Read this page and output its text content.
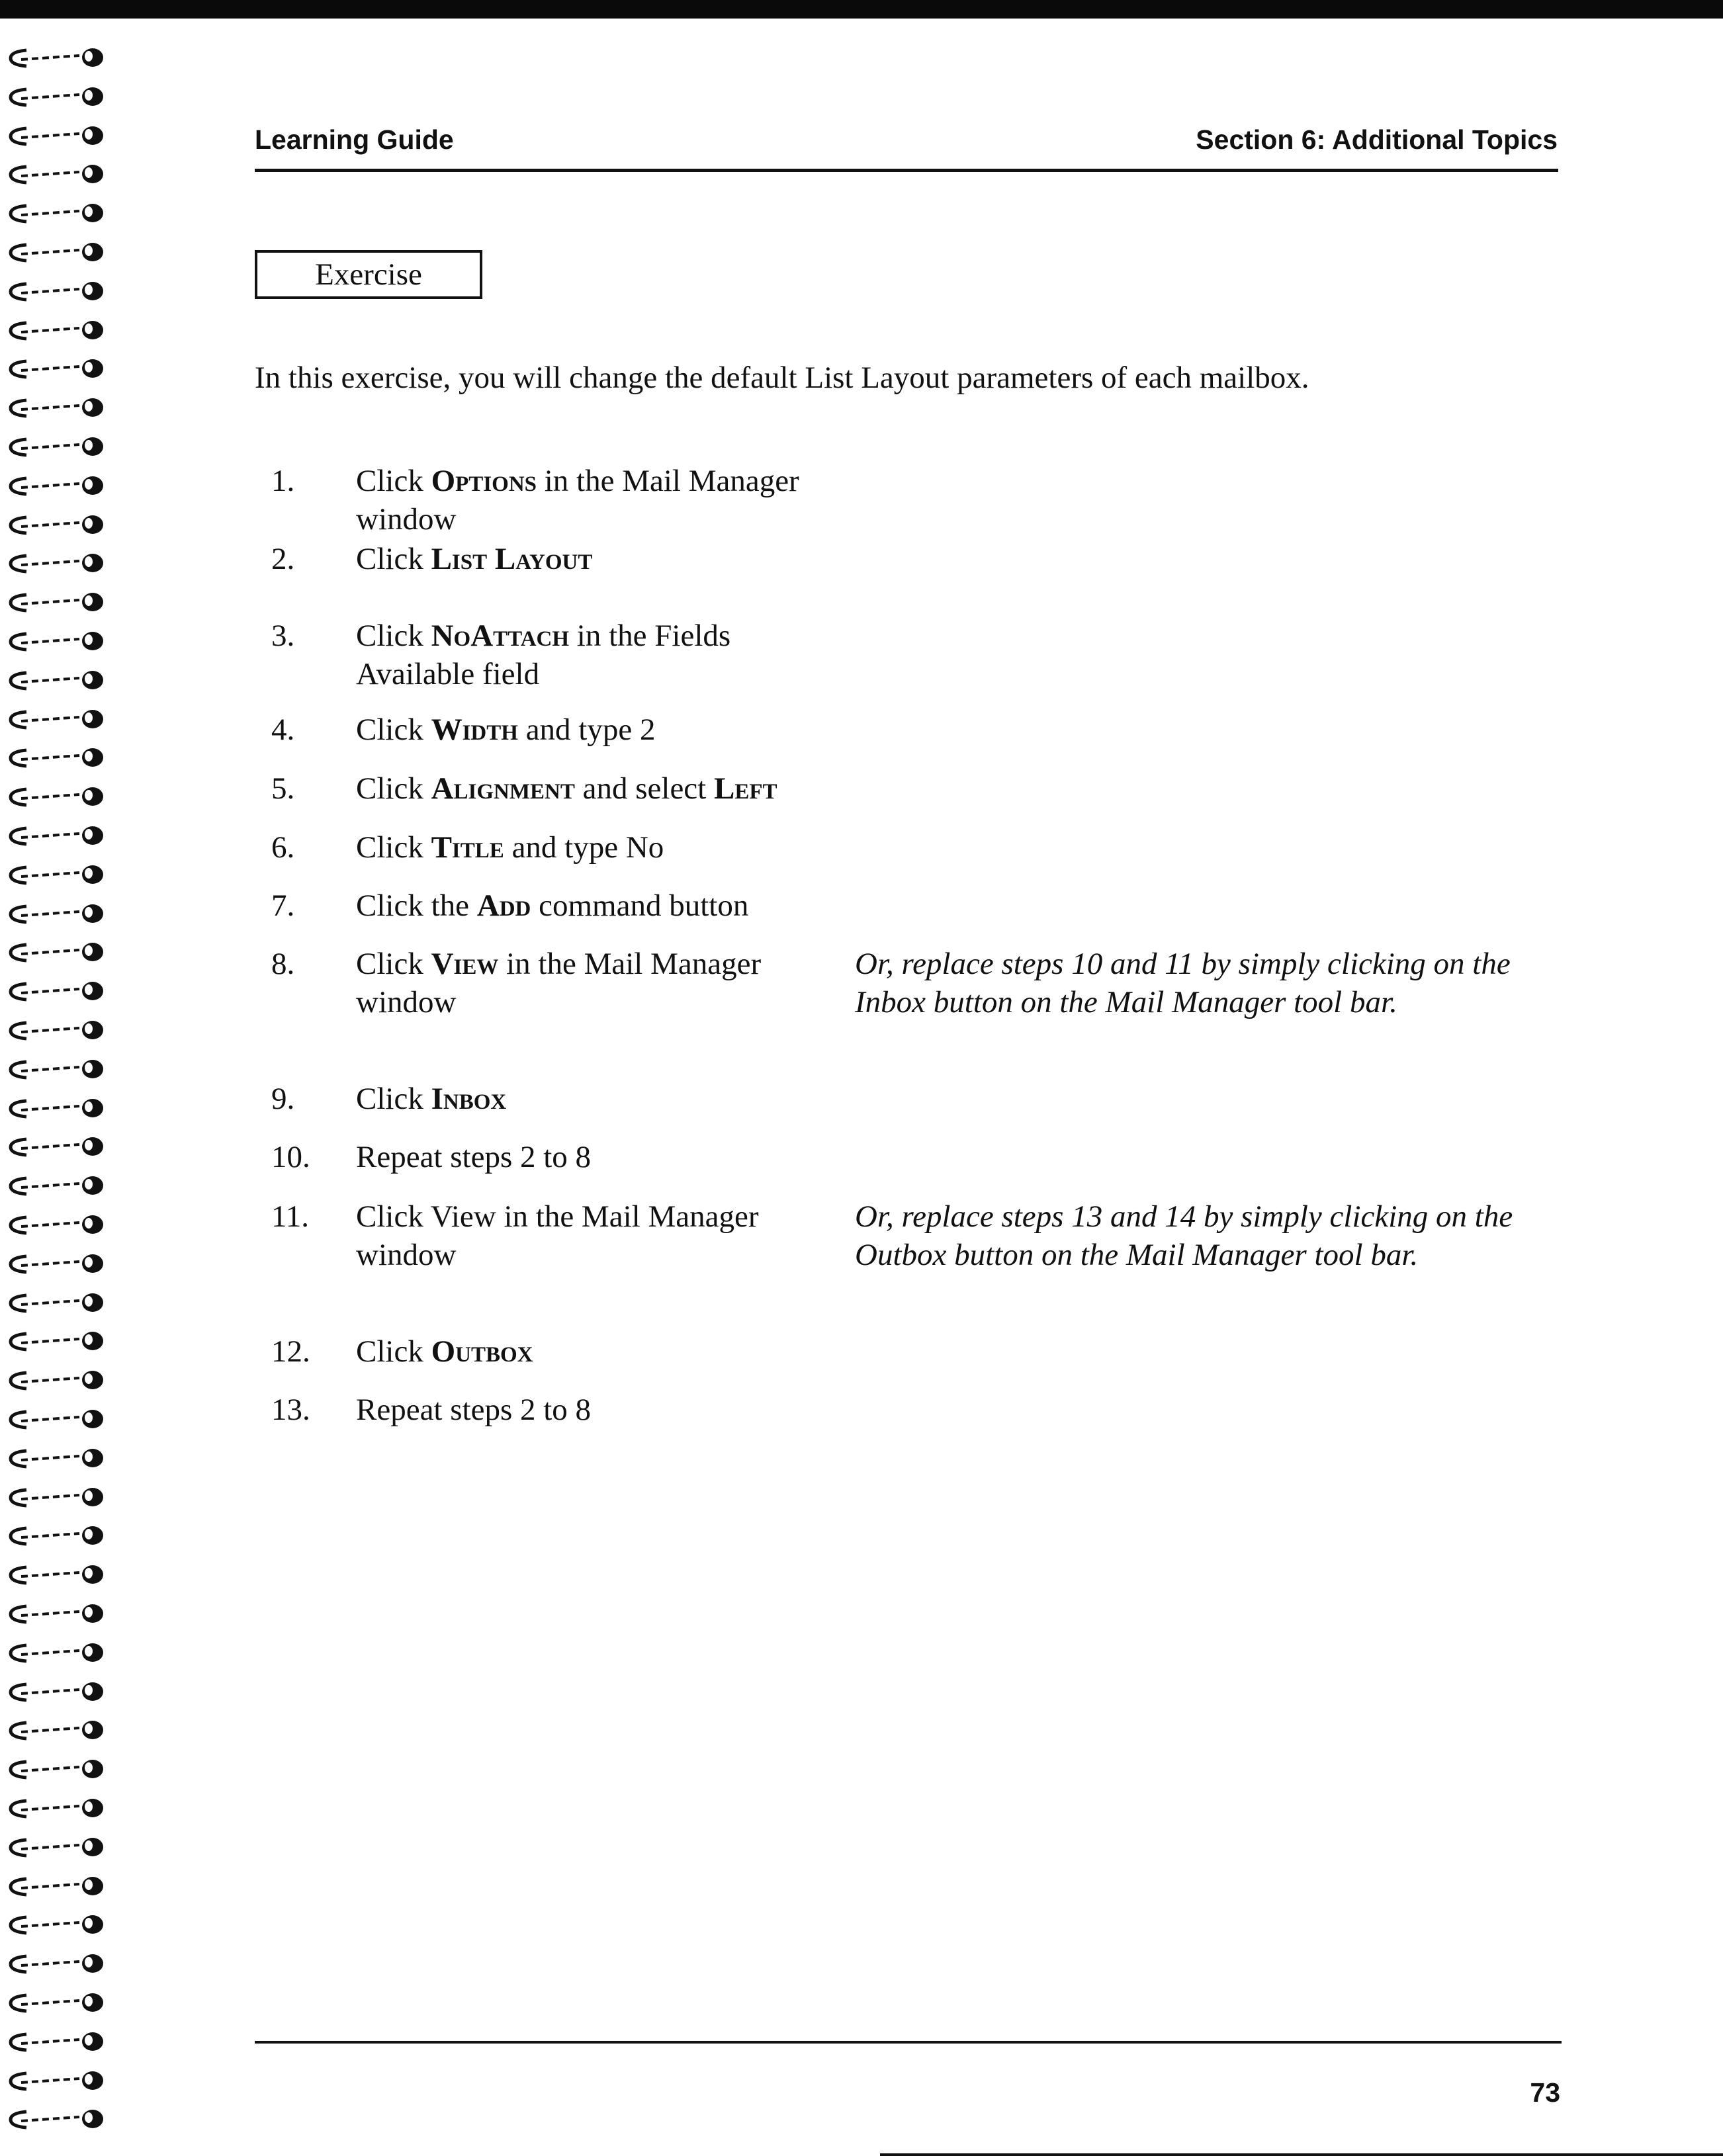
Learning Guide	Section 6: Additional Topics
Exercise
In this exercise, you will change the default List Layout parameters of each mailbox.
1. Click Options in the Mail Manager window
2. Click List Layout
3. Click NoAttach in the Fields Available field
4. Click Width and type 2
5. Click Alignment and select Left
6. Click Title and type No
7. Click the Add command button
8. Click View in the Mail Manager window
Or, replace steps 10 and 11 by simply clicking on the Inbox button on the Mail Manager tool bar.
9. Click Inbox
10. Repeat steps 2 to 8
11. Click View in the Mail Manager window
Or, replace steps 13 and 14 by simply clicking on the Outbox button on the Mail Manager tool bar.
12. Click Outbox
13. Repeat steps 2 to 8
73
